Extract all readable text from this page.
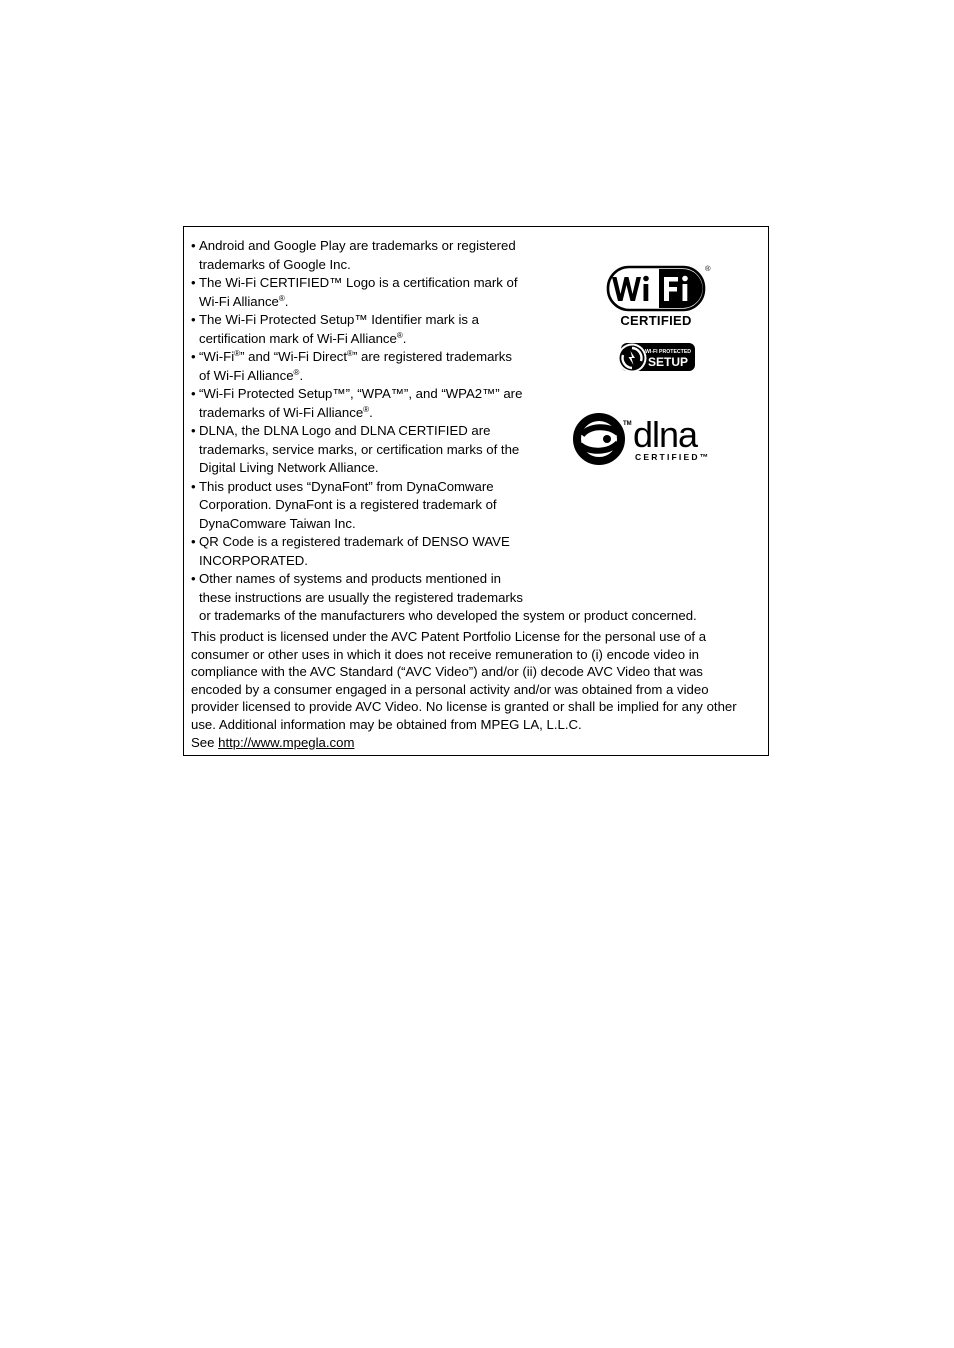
• Android and Google Play are trademarks or registered
trademarks of Google Inc.
• The Wi-Fi CERTIFIED™ Logo is a certification mark of
Wi-Fi Alliance®.
• The Wi-Fi Protected Setup™ Identifier mark is a
certification mark of Wi-Fi Alliance®.
• “Wi-Fi®” and “Wi-Fi Direct®” are registered trademarks
of Wi-Fi Alliance®.
• “Wi-Fi Protected Setup™”, “WPA™”, and “WPA2™” are
trademarks of Wi-Fi Alliance®.
• DLNA, the DLNA Logo and DLNA CERTIFIED are
trademarks, service marks, or certification marks of the
Digital Living Network Alliance.
• This product uses “DynaFont” from DynaComware
Corporation. DynaFont is a registered trademark of
DynaComware Taiwan Inc.
• QR Code is a registered trademark of DENSO WAVE
INCORPORATED.
• Other names of systems and products mentioned in
these instructions are usually the registered trademarks
or trademarks of the manufacturers who developed the system or product concerned.
This product is licensed under the AVC Patent Portfolio License for the personal use of a
consumer or other uses in which it does not receive remuneration to (i) encode video in
compliance with the AVC Standard (“AVC Video”) and/or (ii) decode AVC Video that was
encoded by a consumer engaged in a personal activity and/or was obtained from a video
provider licensed to provide AVC Video. No license is granted or shall be implied for any other
use. Additional information may be obtained from MPEG LA, L.L.C.
See http://www.mpegla.com
®
CERTIFIED
WI-FI PROTECTED
SETUP
TM dlna
CERTIFIED™
